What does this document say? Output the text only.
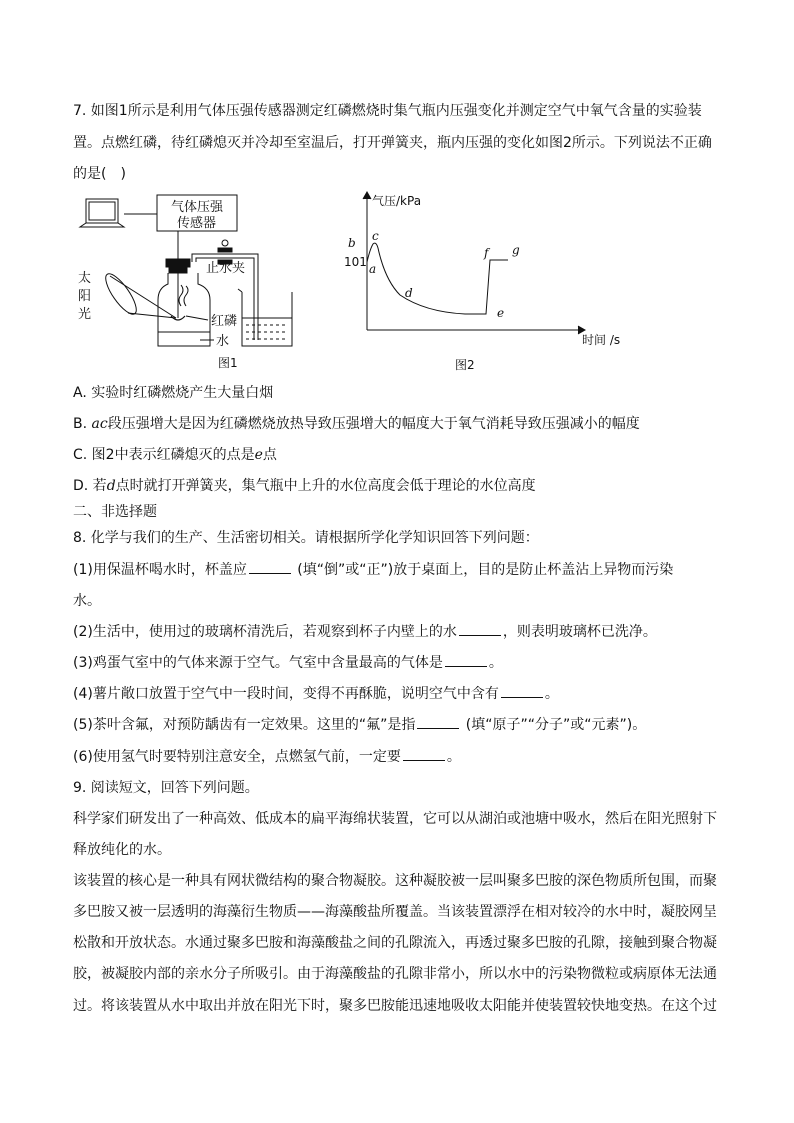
7. 如图1所示是利用气体压强传感器测定红磷燃烧时集气瓶内压强变化并测定空气中氧气含量的实验装
置。点燃红磷，待红磷熄灭并冷却至室温后，打开弹簧夹，瓶内压强的变化如图2所示。下列说法不正确
的是(　)
气体压强
传感器
止水夹
太
阳
光	红磷
水
图1
气压/kPa
101 a
b c
d
e
f g
时间 /s
图2
A. 实验时红磷燃烧产生大量白烟
B. ac段压强增大是因为红磷燃烧放热导致压强增大的幅度大于氧气消耗导致压强减小的幅度
C. 图2中表示红磷熄灭的点是e点
D. 若d点时就打开弹簧夹，集气瓶中上升的水位高度会低于理论的水位高度
二、非选择题
8. 化学与我们的生产、生活密切相关。请根据所学化学知识回答下列问题：
(1)用保温杯喝水时，杯盖应	(填“倒”或“正”)放于桌面上，目的是防止杯盖沾上异物而污染
水。
(2)生活中，使用过的玻璃杯清洗后，若观察到杯子内壁上的水	，则表明玻璃杯已洗净。
(3)鸡蛋气室中的气体来源于空气。气室中含量最高的气体是	。
(4)薯片敞口放置于空气中一段时间，变得不再酥脆，说明空气中含有	。
(5)茶叶含氟，对预防龋齿有一定效果。这里的“氟”是指	(填“原子”“分子”或“元素”)。
(6)使用氢气时要特别注意安全，点燃氢气前，一定要	。
9. 阅读短文，回答下列问题。
科学家们研发出了一种高效、低成本的扁平海绵状装置，它可以从湖泊或池塘中吸水，然后在阳光照射下
释放纯化的水。
该装置的核心是一种具有网状微结构的聚合物凝胶。这种凝胶被一层叫聚多巴胺的深色物质所包围，而聚
多巴胺又被一层透明的海藻衍生物质——海藻酸盐所覆盖。当该装置漂浮在相对较冷的水中时，凝胶网呈
松散和开放状态。水通过聚多巴胺和海藻酸盐之间的孔隙流入，再透过聚多巴胺的孔隙，接触到聚合物凝
胶，被凝胶内部的亲水分子所吸引。由于海藻酸盐的孔隙非常小，所以水中的污染物微粒或病原体无法通
过。将该装置从水中取出并放在阳光下时，聚多巴胺能迅速地吸收太阳能并使装置较快地变热。在这个过
